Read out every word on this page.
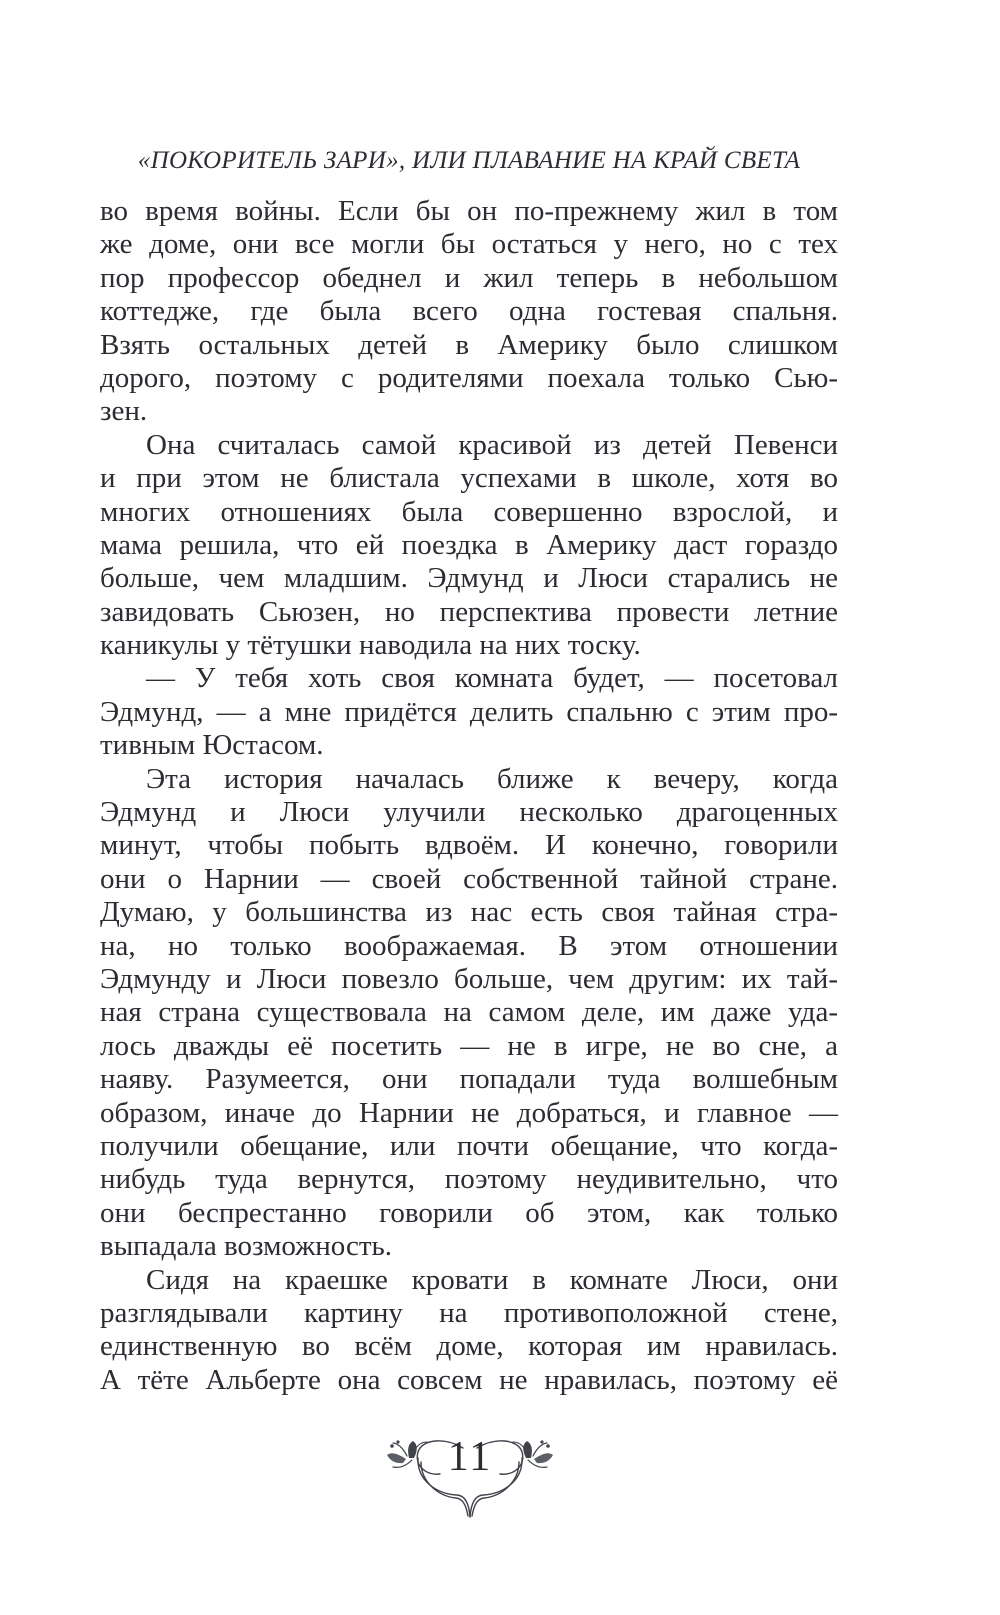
«ПОКОРИТЕЛЬ ЗАРИ», ИЛИ ПЛАВАНИЕ НА КРАЙ СВЕТА
во время войны. Если бы он по-прежнему жил в том
же доме, они все могли бы остаться у него, но с тех
пор профессор обеднел и жил теперь в небольшом
коттедже, где была всего одна гостевая спальня.
Взять остальных детей в Америку было слишком
дорого, поэтому с родителями поехала только Сью-
зен.
Она считалась самой красивой из детей Певенси
и при этом не блистала успехами в школе, хотя во
многих отношениях была совершенно взрослой, и
мама решила, что ей поездка в Америку даст гораздо
больше, чем младшим. Эдмунд и Люси старались не
завидовать Сьюзен, но перспектива провести летние
каникулы у тётушки наводила на них тоску.
— У тебя хоть своя комната будет, — посетовал
Эдмунд, — а мне придётся делить спальню с этим про-
тивным Юстасом.
Эта история началась ближе к вечеру, когда
Эдмунд и Люси улучили несколько драгоценных
минут, чтобы побыть вдвоём. И конечно, говорили
они о Нарнии — своей собственной тайной стране.
Думаю, у большинства из нас есть своя тайная стра-
на, но только воображаемая. В этом отношении
Эдмунду и Люси повезло больше, чем другим: их тай-
ная страна существовала на самом деле, им даже уда-
лось дважды её посетить — не в игре, не во сне, а
наяву. Разумеется, они попадали туда волшебным
образом, иначе до Нарнии не добраться, и главное —
получили обещание, или почти обещание, что когда-
нибудь туда вернутся, поэтому неудивительно, что
они беспрестанно говорили об этом, как только
выпадала возможность.
Сидя на краешке кровати в комнате Люси, они
разглядывали картину на противоположной стене,
единственную во всём доме, которая им нравилась.
А тёте Альберте она совсем не нравилась, поэтому её
11
